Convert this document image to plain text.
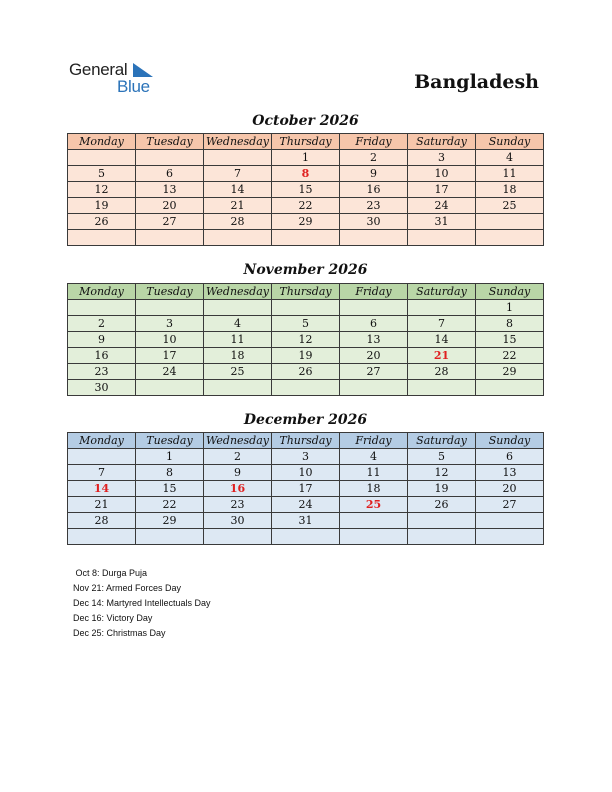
General
Blue	Bangladesh
October 2026
Monday	Tuesday	Wednesday	Thursday	Friday	Saturday	Sunday
			1	2	3	4
5	6	7	8	9	10	11
12	13	14	15	16	17	18
19	20	21	22	23	24	25
26	27	28	29	30	31	

November 2026
Monday	Tuesday	Wednesday	Thursday	Friday	Saturday	Sunday
						1
2	3	4	5	6	7	8
9	10	11	12	13	14	15
16	17	18	19	20	21	22
23	24	25	26	27	28	29
30						
December 2026
Monday	Tuesday	Wednesday	Thursday	Friday	Saturday	Sunday
	1	2	3	4	5	6
7	8	9	10	11	12	13
14	15	16	17	18	19	20
21	22	23	24	25	26	27
28	29	30	31			

Oct 8: Durga Puja
Nov 21: Armed Forces Day
Dec 14: Martyred Intellectuals Day
Dec 16: Victory Day
Dec 25: Christmas Day
